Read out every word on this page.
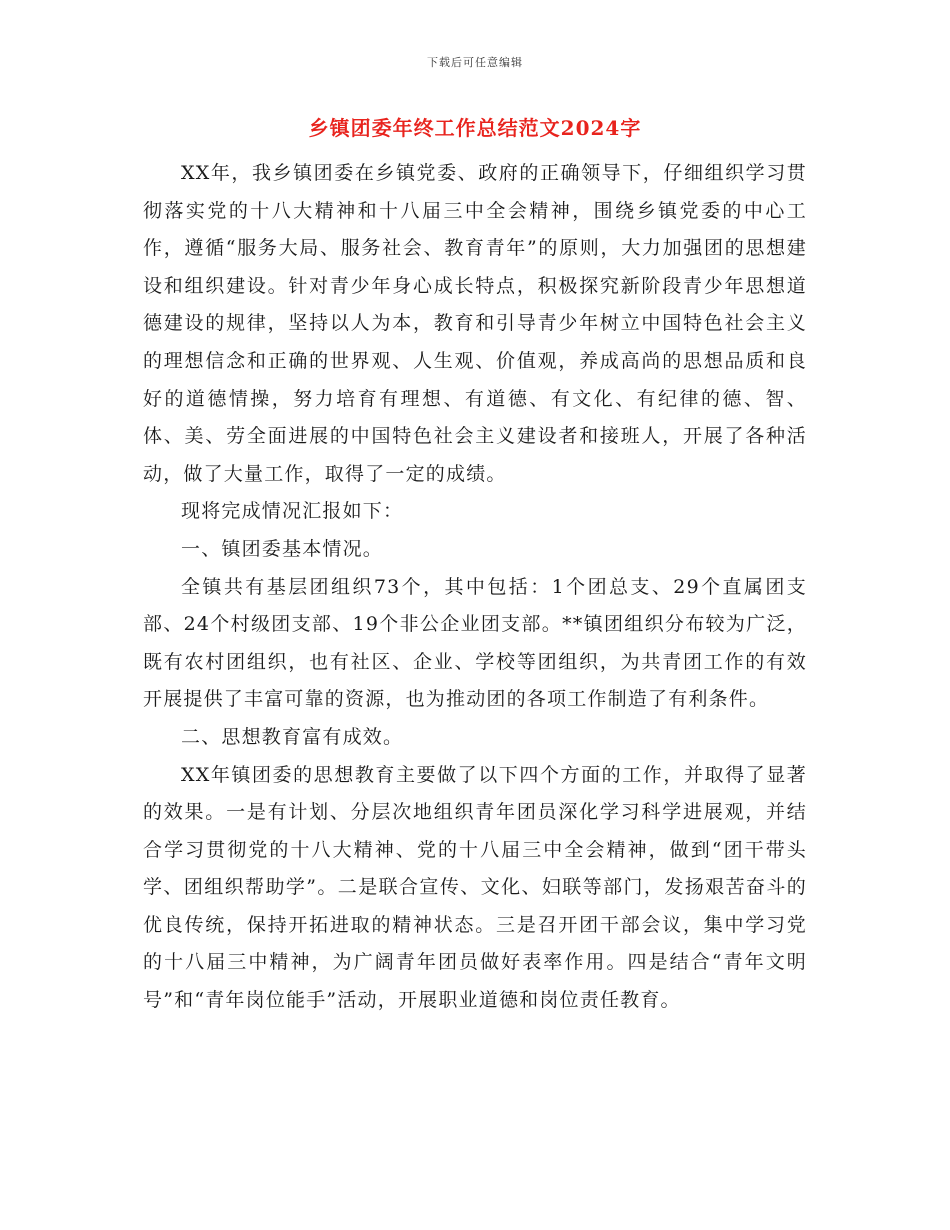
下载后可任意编辑
乡镇团委年终工作总结范文2024字

XX年，我乡镇团委在乡镇党委、政府的正确领导下，仔细组织学习贯彻落实党的十八大精神和十八届三中全会精神，围绕乡镇党委的中心工作，遵循“服务大局、服务社会、教育青年”的原则，大力加强团的思想建设和组织建设。针对青少年身心成长特点，积极探究新阶段青少年思想道德建设的规律，坚持以人为本，教育和引导青少年树立中国特色社会主义的理想信念和正确的世界观、人生观、价值观，养成高尚的思想品质和良好的道德情操，努力培育有理想、有道德、有文化、有纪律的德、智、体、美、劳全面进展的中国特色社会主义建设者和接班人，开展了各种活动，做了大量工作，取得了一定的成绩。

现将完成情况汇报如下：

一、镇团委基本情况。

全镇共有基层团组织73个，其中包括：1个团总支、29个直属团支部、24个村级团支部、19个非公企业团支部。**镇团组织分布较为广泛，既有农村团组织，也有社区、企业、学校等团组织，为共青团工作的有效开展提供了丰富可靠的资源，也为推动团的各项工作制造了有利条件。

二、思想教育富有成效。

XX年镇团委的思想教育主要做了以下四个方面的工作，并取得了显著的效果。一是有计划、分层次地组织青年团员深化学习科学进展观，并结合学习贯彻党的十八大精神、党的十八届三中全会精神，做到“团干带头学、团组织帮助学”。二是联合宣传、文化、妇联等部门，发扬艰苦奋斗的优良传统，保持开拓进取的精神状态。三是召开团干部会议，集中学习党的十八届三中精神，为广阔青年团员做好表率作用。四是结合“青年文明号”和“青年岗位能手”活动，开展职业道德和岗位责任教育。
